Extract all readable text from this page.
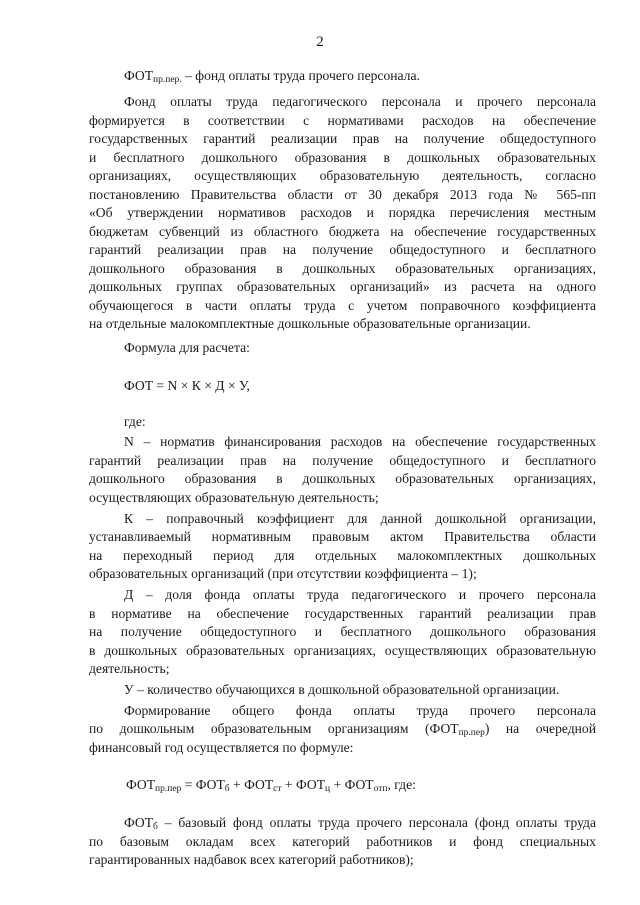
2
$ФОТ_{пр.пер.}$ – фонд оплаты труда прочего персонала.
Фонд оплаты труда педагогического персонала и прочего персонала
формируется в соответствии с нормативами расходов на обеспечение
государственных гарантий реализации прав на получение общедоступного
и бесплатного дошкольного образования в дошкольных образовательных
организациях, осуществляющих образовательную деятельность, согласно
постановлению Правительства области от 30 декабря 2013 года № 565-пп
«Об утверждении нормативов расходов и порядка перечисления местным
бюджетам субвенций из областного бюджета на обеспечение государственных
гарантий реализации прав на получение общедоступного и бесплатного
дошкольного образования в дошкольных образовательных организациях,
дошкольных группах образовательных организаций» из расчета на одного
обучающегося в части оплаты труда с учетом поправочного коэффициента
на отдельные малокомплектные дошкольные образовательные организации.
Формула для расчета:
ФОТ = N × К × Д × У,
где:
N – норматив финансирования расходов на обеспечение государственных
гарантий реализации прав на получение общедоступного и бесплатного
дошкольного образования в дошкольных образовательных организациях,
осуществляющих образовательную деятельность;
К – поправочный коэффициент для данной дошкольной организации,
устанавливаемый нормативным правовым актом Правительства области
на переходный период для отдельных малокомплектных дошкольных
образовательных организаций (при отсутствии коэффициента – 1);
Д – доля фонда оплаты труда педагогического и прочего персонала
в нормативе на обеспечение государственных гарантий реализации прав
на получение общедоступного и бесплатного дошкольного образования
в дошкольных образовательных организациях, осуществляющих образовательную
деятельность;
У – количество обучающихся в дошкольной образовательной организации.
Формирование общего фонда оплаты труда прочего персонала
по дошкольным образовательным организациям $(ФОТ_{пр.пер})$ на очередной
финансовый год осуществляется по формуле:
$ФОТ_{пр.пер} = ФОТ_б + ФОТ_{ст} + ФОТ_ц + ФОТ_{отп}$, где:
$ФОТ_б$ – базовый фонд оплаты труда прочего персонала (фонд оплаты труда
по базовым окладам всех категорий работников и фонд специальных
гарантированных надбавок всех категорий работников);
